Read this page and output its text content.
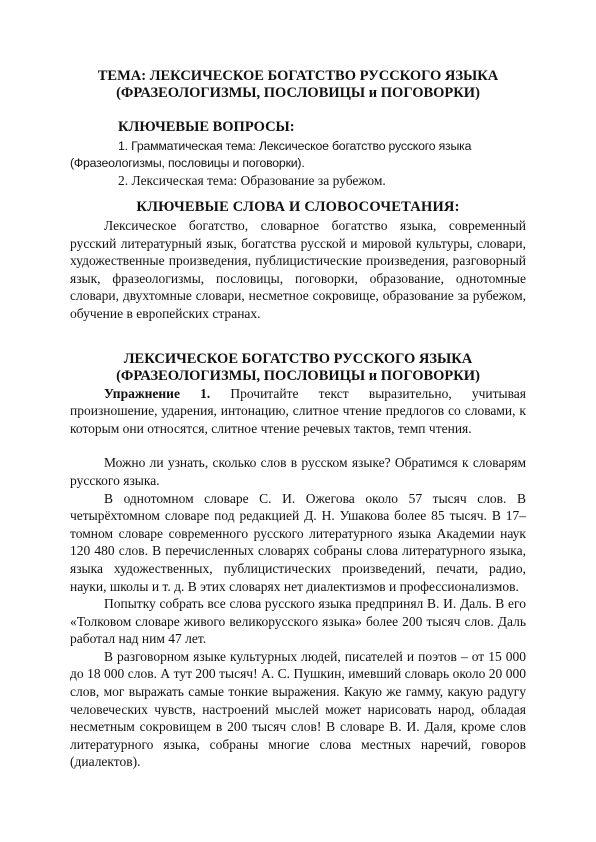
ТЕМА: ЛЕКСИЧЕСКОЕ БОГАТСТВО РУССКОГО ЯЗЫКА
(ФРАЗЕОЛОГИЗМЫ, ПОСЛОВИЦЫ и ПОГОВОРКИ)
КЛЮЧЕВЫЕ ВОПРОСЫ:

1. Грамматическая тема: Лексическое богатство русского языка (Фразеологизмы, пословицы и поговорки).

2. Лексическая тема: Образование за рубежом.

КЛЮЧЕВЫЕ СЛОВА И СЛОВОСОЧЕТАНИЯ:

Лексическое богатство, словарное богатство языка, современный русский литературный язык, богатства русской и мировой культуры, словари, художественные произведения, публицистические произведения, разговорный язык, фразеологизмы, пословицы, поговорки, образование, однотомные словари, двухтомные словари, несметное сокровище, образование за рубежом, обучение в европейских странах.

ЛЕКСИЧЕСКОЕ БОГАТСТВО РУССКОГО ЯЗЫКА
(ФРАЗЕОЛОГИЗМЫ, ПОСЛОВИЦЫ и ПОГОВОРКИ)

Упражнение 1. Прочитайте текст выразительно, учитывая произношение, ударения, интонацию, слитное чтение предлогов со словами, к которым они относятся, слитное чтение речевых тактов, темп чтения.

Можно ли узнать, сколько слов в русском языке? Обратимся к словарям русского языка.

В однотомном словаре С. И. Ожегова около 57 тысяч слов. В четырёхтомном словаре под редакцией Д. Н. Ушакова более 85 тысяч. В 17–томном словаре современного русского литературного языка Академии наук 120 480 слов. В перечисленных словарях собраны слова литературного языка, языка художественных, публицистических произведений, печати, радио, науки, школы и т. д. В этих словарях нет диалектизмов и профессионализмов.

Попытку собрать все слова русского языка предпринял В. И. Даль. В его «Толковом словаре живого великорусского языка» более 200 тысяч слов. Даль работал над ним 47 лет.

В разговорном языке культурных людей, писателей и поэтов – от 15 000 до 18 000 слов. А тут 200 тысяч! А. С. Пушкин, имевший словарь около 20 000 слов, мог выражать самые тонкие выражения. Какую же гамму, какую радугу человеческих чувств, настроений мыслей может нарисовать народ, обладая несметным сокровищем в 200 тысяч слов! В словаре В. И. Даля, кроме слов литературного языка, собраны многие слова местных наречий, говоров (диалектов).
